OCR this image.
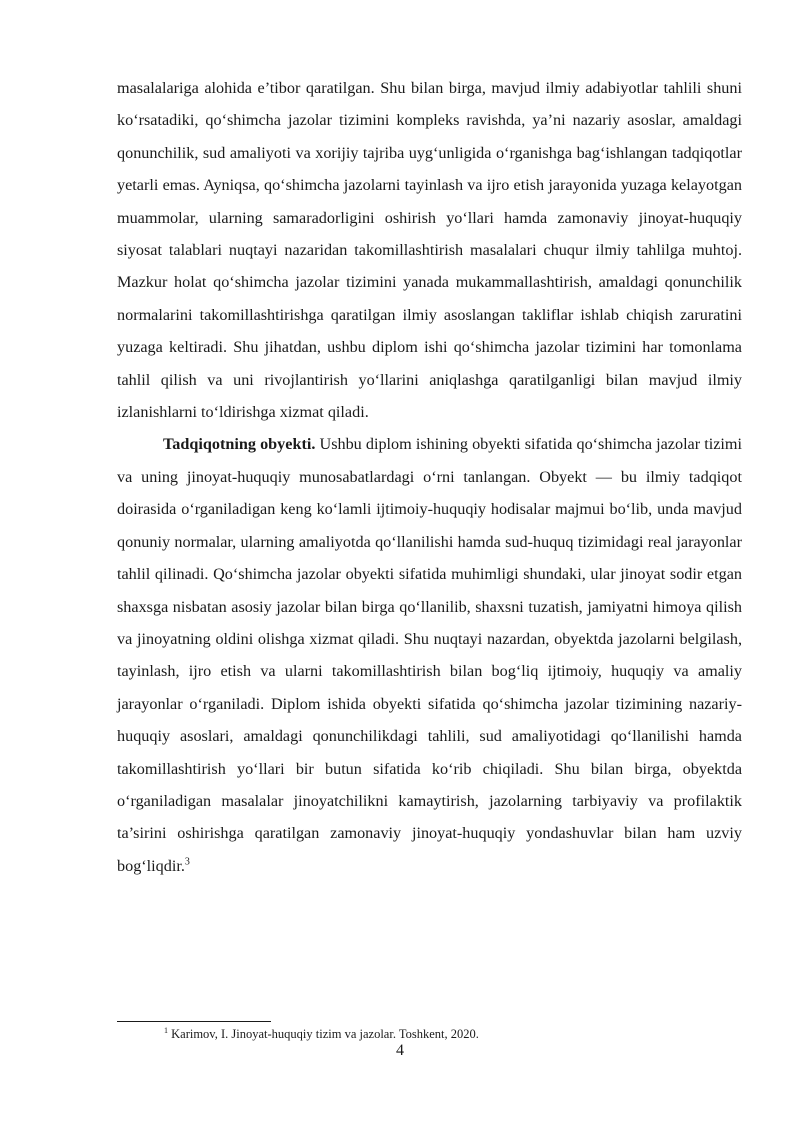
masalalariga alohida e’tibor qaratilgan. Shu bilan birga, mavjud ilmiy adabiyotlar tahlili shuni ko‘rsatadiki, qo‘shimcha jazolar tizimini kompleks ravishda, ya’ni nazariy asoslar, amaldagi qonunchilik, sud amaliyoti va xorijiy tajriba uyg‘unligida o‘rganishga bag‘ishlangan tadqiqotlar yetarli emas. Ayniqsa, qo‘shimcha jazolarni tayinlash va ijro etish jarayonida yuzaga kelayotgan muammolar, ularning samaradorligini oshirish yo‘llari hamda zamonaviy jinoyat-huquqiy siyosat talablari nuqtayi nazaridan takomillashtirish masalalari chuqur ilmiy tahlilga muhtoj. Mazkur holat qo‘shimcha jazolar tizimini yanada mukammallashtirish, amaldagi qonunchilik normalarini takomillashtirishga qaratilgan ilmiy asoslangan takliflar ishlab chiqish zaruratini yuzaga keltiradi. Shu jihatdan, ushbu diplom ishi qo‘shimcha jazolar tizimini har tomonlama tahlil qilish va uni rivojlantirish yo‘llarini aniqlashga qaratilganligi bilan mavjud ilmiy izlanishlarni to‘ldirishga xizmat qiladi.

Tadqiqotning obyekti. Ushbu diplom ishining obyekti sifatida qo‘shimcha jazolar tizimi va uning jinoyat-huquqiy munosabatlardagi o‘rni tanlangan. Obyekt — bu ilmiy tadqiqot doirasida o‘rganiladigan keng ko‘lamli ijtimoiy-huquqiy hodisalar majmui bo‘lib, unda mavjud qonuniy normalar, ularning amaliyotda qo‘llanilishi hamda sud-huquq tizimidagi real jarayonlar tahlil qilinadi. Qo‘shimcha jazolar obyekti sifatida muhimligi shundaki, ular jinoyat sodir etgan shaxsga nisbatan asosiy jazolar bilan birga qo‘llanilib, shaxsni tuzatish, jamiyatni himoya qilish va jinoyatning oldini olishga xizmat qiladi. Shu nuqtayi nazardan, obyektda jazolarni belgilash, tayinlash, ijro etish va ularni takomillashtirish bilan bog‘liq ijtimoiy, huquqiy va amaliy jarayonlar o‘rganiladi. Diplom ishida obyekti sifatida qo‘shimcha jazolar tizimining nazariy-huquqiy asoslari, amaldagi qonunchilikdagi tahlili, sud amaliyotidagi qo‘llanilishi hamda takomillashtirish yo‘llari bir butun sifatida ko‘rib chiqiladi. Shu bilan birga, obyektda o‘rganiladigan masalalar jinoyatchilikni kamaytirish, jazolarning tarbiyaviy va profilaktik ta’sirini oshirishga qaratilgan zamonaviy jinoyat-huquqiy yondashuvlar bilan ham uzviy bog‘liqdir.$^3$

$^1$ Karimov, I. Jinoyat-huquqiy tizim va jazolar. Toshkent, 2020.
4
